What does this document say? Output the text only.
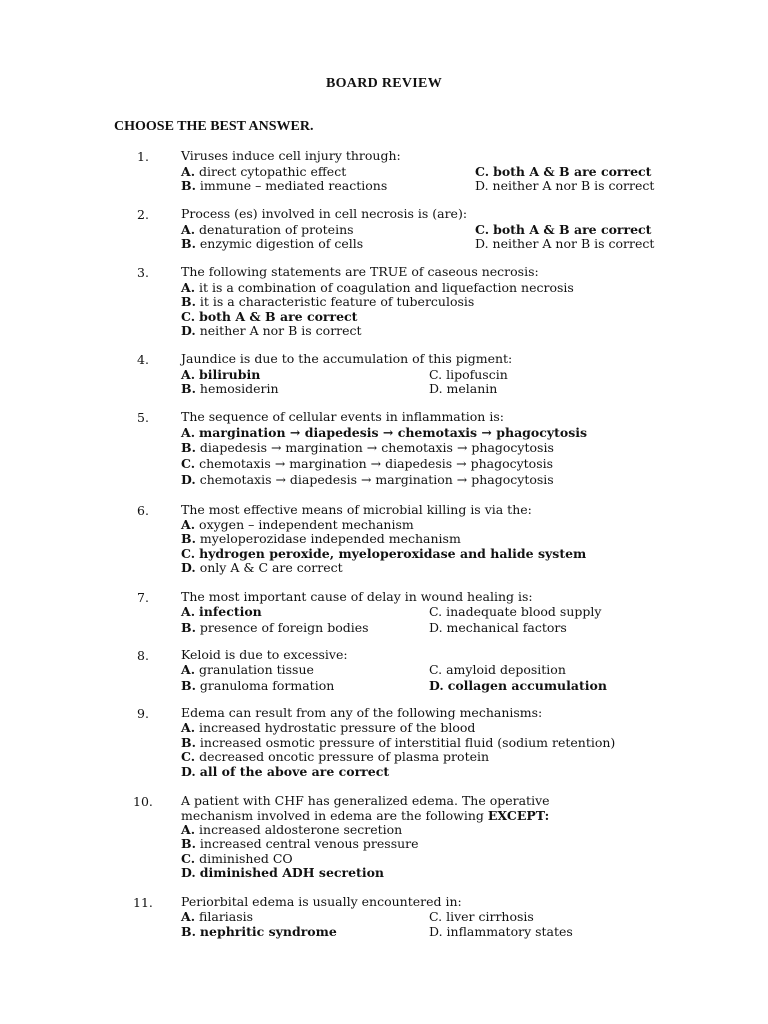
BOARD REVIEW
CHOOSE THE BEST ANSWER.
1.	Viruses induce cell injury through:
A. direct cytopathic effect	C. both A & B are correct
B. immune – mediated reactions	D. neither A nor B is correct
2.	Process (es) involved in cell necrosis is (are):
A. denaturation of proteins	C. both A & B are correct
B. enzymic digestion of cells	D. neither A nor B is correct
3.	The following statements are TRUE of caseous necrosis:
A. it is a combination of coagulation and liquefaction necrosis
B. it is a characteristic feature of tuberculosis
C. both A & B are correct
D. neither A nor B is correct
4.	Jaundice is due to the accumulation of this pigment:
A. bilirubin	C. lipofuscin
B. hemosiderin	D. melanin
5.	The sequence of cellular events in inflammation is:
A. margination → diapedesis → chemotaxis → phagocytosis
B. diapedesis → margination → chemotaxis → phagocytosis
C. chemotaxis → margination → diapedesis → phagocytosis
D. chemotaxis → diapedesis → margination → phagocytosis
6.	The most effective means of microbial killing is via the:
A. oxygen – independent mechanism
B. myeloperozidase independed mechanism
C. hydrogen peroxide, myeloperoxidase and halide system
D. only A & C are correct
7.	The most important cause of delay in wound healing is:
A. infection	C. inadequate blood supply
B. presence of foreign bodies	D. mechanical factors
8.	Keloid is due to excessive:
A. granulation tissue	C. amyloid deposition
B. granuloma formation	D. collagen accumulation
9.	Edema can result from any of the following mechanisms:
A. increased hydrostatic pressure of the blood
B. increased osmotic pressure of interstitial fluid (sodium retention)
C. decreased oncotic pressure of plasma protein
D. all of the above are correct
10. A patient with CHF has generalized edema. The operative mechanism involved in edema are the following EXCEPT:
A. increased aldosterone secretion
B. increased central venous pressure
C. diminished CO
D. diminished ADH secretion
11. Periorbital edema is usually encountered in:
A. filariasis	C. liver cirrhosis
B. nephritic syndrome	D. inflammatory states
